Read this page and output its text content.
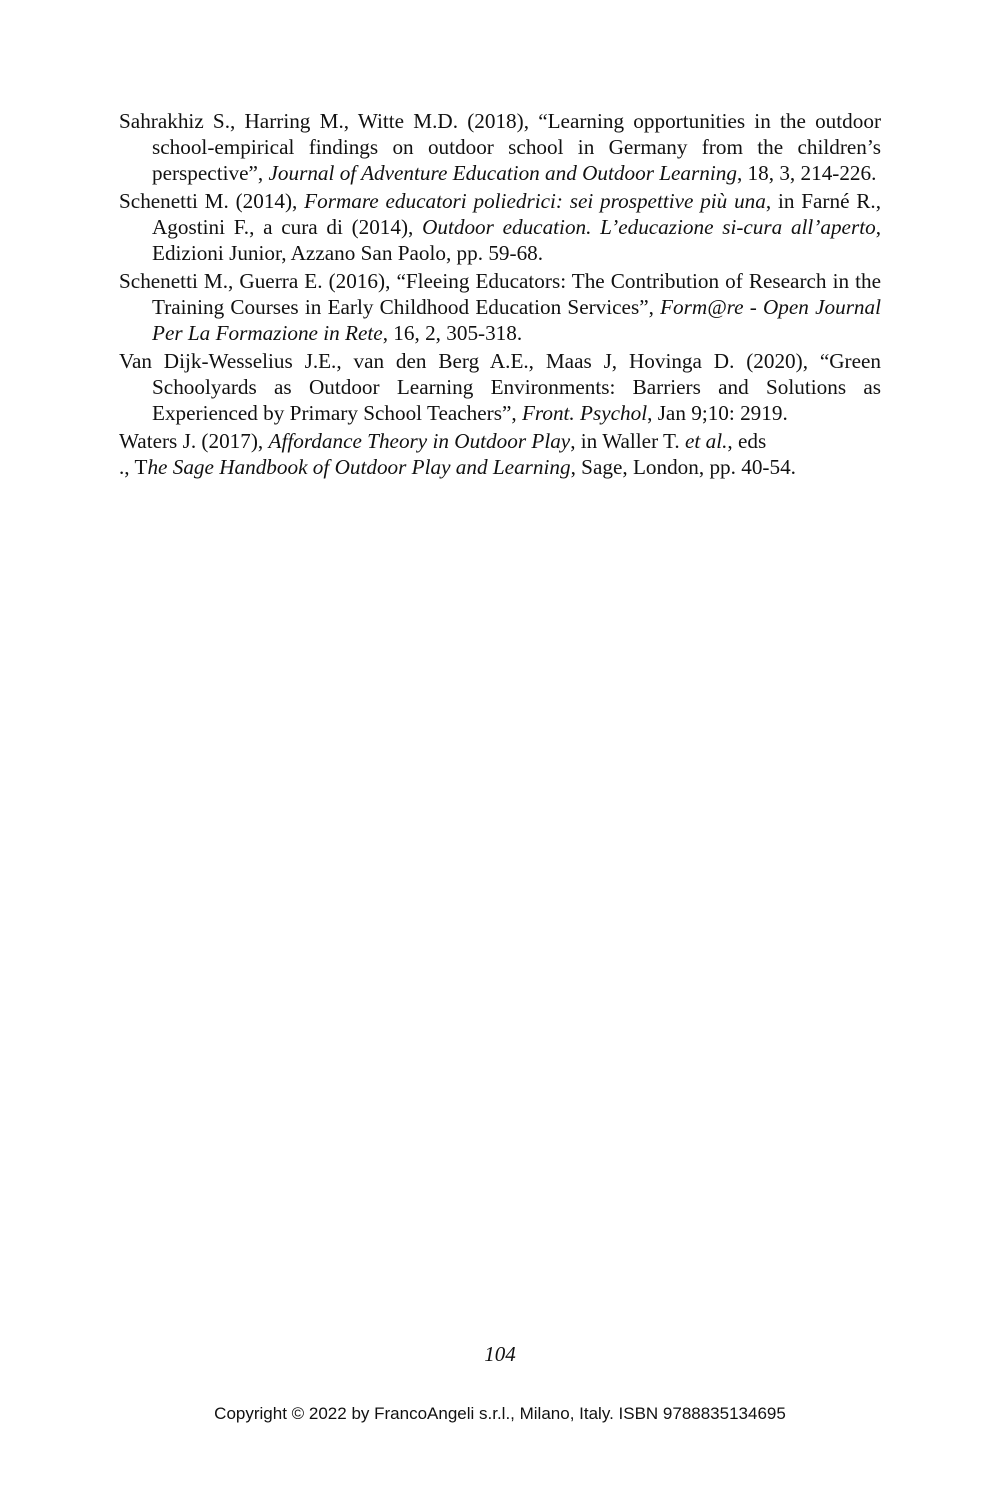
Sahrakhiz S., Harring M., Witte M.D. (2018), “Learning opportunities in the outdoor school-empirical findings on outdoor school in Germany from the children’s perspective”, Journal of Adventure Education and Outdoor Learning, 18, 3, 214-226.

Schenetti M. (2014), Formare educatori poliedrici: sei prospettive più una, in Farné R., Agostini F., a cura di (2014), Outdoor education. L’educazione si-cura all’aperto, Edizioni Junior, Azzano San Paolo, pp. 59-68.

Schenetti M., Guerra E. (2016), “Fleeing Educators: The Contribution of Research in the Training Courses in Early Childhood Education Services”, Form@re - Open Journal Per La Formazione in Rete, 16, 2, 305-318.

Van Dijk-Wesselius J.E., van den Berg A.E., Maas J, Hovinga D. (2020), “Green Schoolyards as Outdoor Learning Environments: Barriers and Solutions as Experienced by Primary School Teachers”, Front. Psychol, Jan 9;10: 2919.

Waters J. (2017), Affordance Theory in Outdoor Play, in Waller T. et al., eds

., The Sage Handbook of Outdoor Play and Learning, Sage, London, pp. 40-54.

104
Copyright © 2022 by FrancoAngeli s.r.l., Milano, Italy. ISBN 9788835134695
